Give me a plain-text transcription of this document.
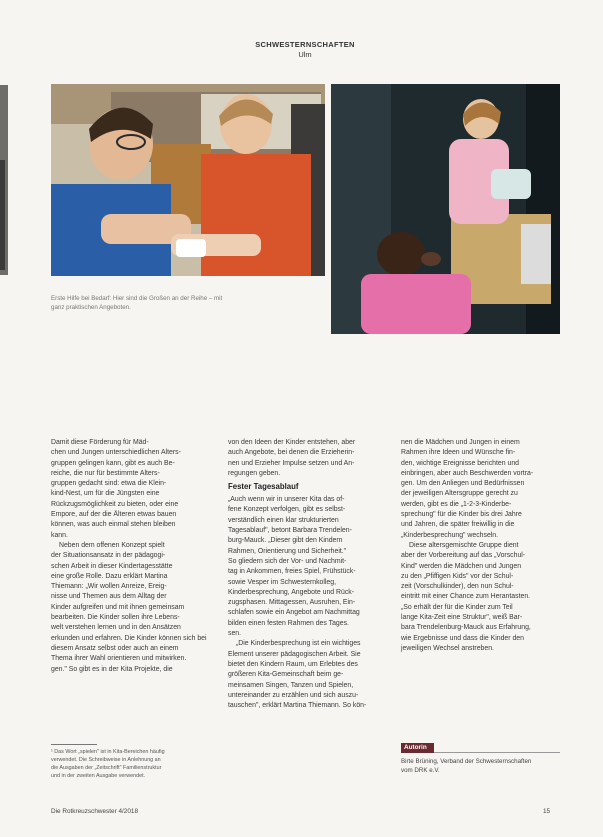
SCHWESTERNSCHAFTEN
Ulm
Erste Hilfe bei Bedarf: Hier sind die Großen an der Reihe – mit
ganz praktischen Angeboten.
Damit diese Förderung für Mäd-
chen und Jungen unterschiedlichen Alters-
gruppen gelingen kann, gibt es auch Be-
reiche, die nur für bestimmte Alters-
gruppen gedacht sind: etwa die Klein-
kind-Nest, um für die Jüngsten eine
Rückzugsmöglichkeit zu bieten, oder eine
Empore, auf der die Älteren etwas bauen
können, was auch einmal stehen bleiben
kann.
Neben dem offenen Konzept spielt
der Situationsansatz in der pädagogi-
schen Arbeit in dieser Kindertagesstätte
eine große Rolle. Dazu erklärt Martina
Thiemann: „Wir wollen Anreize, Ereig-
nisse und Themen aus dem Alltag der
Kinder aufgreifen und mit ihnen gemeinsam
bearbeiten. Die Kinder sollen ihre Lebens-
welt verstehen lernen und in den Ansätzen
erkunden und erfahren. Die Kinder können sich bei
diesem Ansatz selbst oder auch an einem
Thema ihrer Wahl orientieren und mitwirken.
gen." So gibt es in der Kita Projekte, die
von den Ideen der Kinder entstehen, aber
auch Angebote, bei denen die Erzieherin-
nen und Erzieher Impulse setzen und An-
regungen geben.
Fester Tagesablauf
„Auch wenn wir in unserer Kita das of-
fene Konzept verfolgen, gibt es selbst-
verständlich einen klar strukturierten
Tagesablauf", betont Barbara Trendelen-
burg-Mauck. „Dieser gibt den Kindern
Rahmen, Orientierung und Sicherheit."
So gliedern sich der Vor- und Nachmit-
tag in Ankommen, freies Spiel, Frühstück-
sowie Vesper im Schwesternkolleg,
Kinderbesprechung, Angebote und Rück-
zugsphasen. Mittagessen, Ausruhen, Ein-
schlafen sowie ein Angebot am Nachmittag
bilden einen festen Rahmen des Tages.
sen.
„Die Kinderbesprechung ist ein wichtiges
Element unserer pädagogischen Arbeit. Sie
bietet den Kindern Raum, um Erlebtes des
größeren Kita-Gemeinschaft beim ge-
meinsamen Singen, Tanzen und Spielen,
untereinander zu erzählen und sich auszu-
tauschen", erklärt Martina Thiemann. So kön-
nen die Mädchen und Jungen in einem
Rahmen ihre Ideen und Wünsche fin-
den, wichtige Ereignisse berichten und
einbringen, aber auch Beschwerden vortra-
gen. Um den Anliegen und Bedürfnissen
der jeweiligen Altersgruppe gerecht zu
werden, gibt es die „1-2-3-Kinderbe-
sprechung" für die Kinder bis drei Jahre
und Jahren, die später freiwillig in die
„Kinderbesprechung" wechseln.
Diese altersgemischte Gruppe dient
aber der Vorbereitung auf das „Vorschul-
Kind" werden die Mädchen und Jungen
zu den „Pfiffigen Kids" vor der Schul-
zeit (Vorschulkinder), den nun Schul-
eintritt mit einer Chance zum Herantasten.
„So erhält der für die Kinder zum Teil
lange Kita-Zeit eine Struktur", weiß Bar-
bara Trendelenburg-Mauck aus Erfahrung,
wie Ergebnisse und dass die Kinder den
jeweiligen Wechsel anstreben.
¹ Das Wort „spielen" ist in Kita-Bereichen häufig
verwendet. Die Schreibweise in Anlehnung an
die Ausgaben der „Zeitschrift" Familienstruktur
und in der zweiten Ausgabe verwendet.
Autorin
Birte Brüning, Verband der Schwesternschaften
vom DRK e.V.
Die Rotkreuzschwester 4/2018	15
